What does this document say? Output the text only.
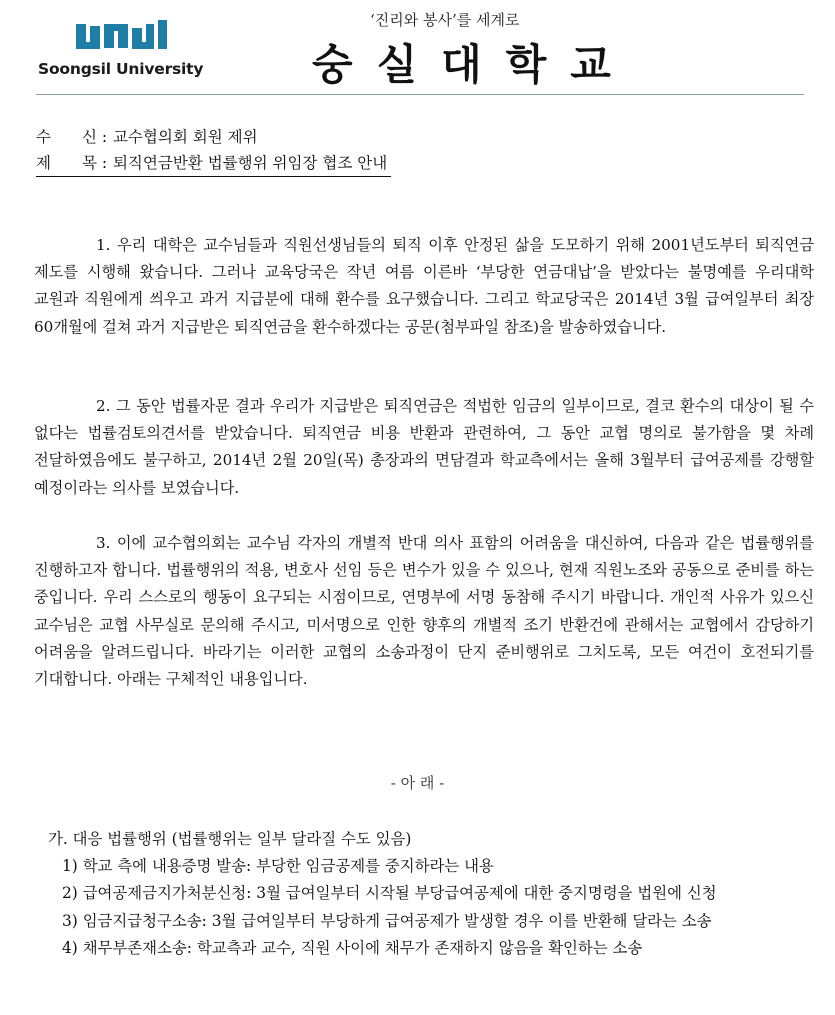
Soongsil University
‘진리와 봉사’를 세계로
숭실대학교
수　　신 : 교수협의회 회원 제위
제　　목 : 퇴직연금반환 법률행위 위임장 협조 안내

1. 우리 대학은 교수님들과 직원선생님들의 퇴직 이후 안정된 삶을 도모하기 위해 2001년도부터 퇴직연금 제도를 시행해 왔습니다. 그러나 교육당국은 작년 여름 이른바 ‘부당한 연금대납’을 받았다는 불명예를 우리대학 교원과 직원에게 씌우고 과거 지급분에 대해 환수를 요구했습니다. 그리고 학교당국은 2014년 3월 급여일부터 최장 60개월에 걸쳐 과거 지급받은 퇴직연금을 환수하겠다는 공문(첨부파일 참조)을 발송하였습니다.

2. 그 동안 법률자문 결과 우리가 지급받은 퇴직연금은 적법한 임금의 일부이므로, 결코 환수의 대상이 될 수 없다는 법률검토의견서를 받았습니다. 퇴직연금 비용 반환과 관련하여, 그 동안 교협 명의로 불가함을 몇 차례 전달하였음에도 불구하고, 2014년 2월 20일(목) 총장과의 면담결과 학교측에서는 올해 3월부터 급여공제를 강행할 예정이라는 의사를 보였습니다.

3. 이에 교수협의회는 교수님 각자의 개별적 반대 의사 표함의 어려움을 대신하여, 다음과 같은 법률행위를 진행하고자 합니다. 법률행위의 적용, 변호사 선임 등은 변수가 있을 수 있으나, 현재 직원노조와 공동으로 준비를 하는 중입니다. 우리 스스로의 행동이 요구되는 시점이므로, 연명부에 서명 동참해 주시기 바랍니다. 개인적 사유가 있으신 교수님은 교협 사무실로 문의해 주시고, 미서명으로 인한 향후의 개별적 조기 반환건에 관해서는 교협에서 감당하기 어려움을 알려드립니다. 바라기는 이러한 교협의 소송과정이 단지 준비행위로 그치도록, 모든 여건이 호전되기를 기대합니다. 아래는 구체적인 내용입니다.

- 아 래 -
가. 대응 법률행위 (법률행위는 일부 달라질 수도 있음)
1) 학교 측에 내용증명 발송: 부당한 임금공제를 중지하라는 내용
2) 급여공제금지가처분신청: 3월 급여일부터 시작될 부당급여공제에 대한 중지명령을 법원에 신청
3) 임금지급청구소송: 3월 급여일부터 부당하게 급여공제가 발생할 경우 이를 반환해 달라는 소송
4) 채무부존재소송: 학교측과 교수, 직원 사이에 채무가 존재하지 않음을 확인하는 소송
